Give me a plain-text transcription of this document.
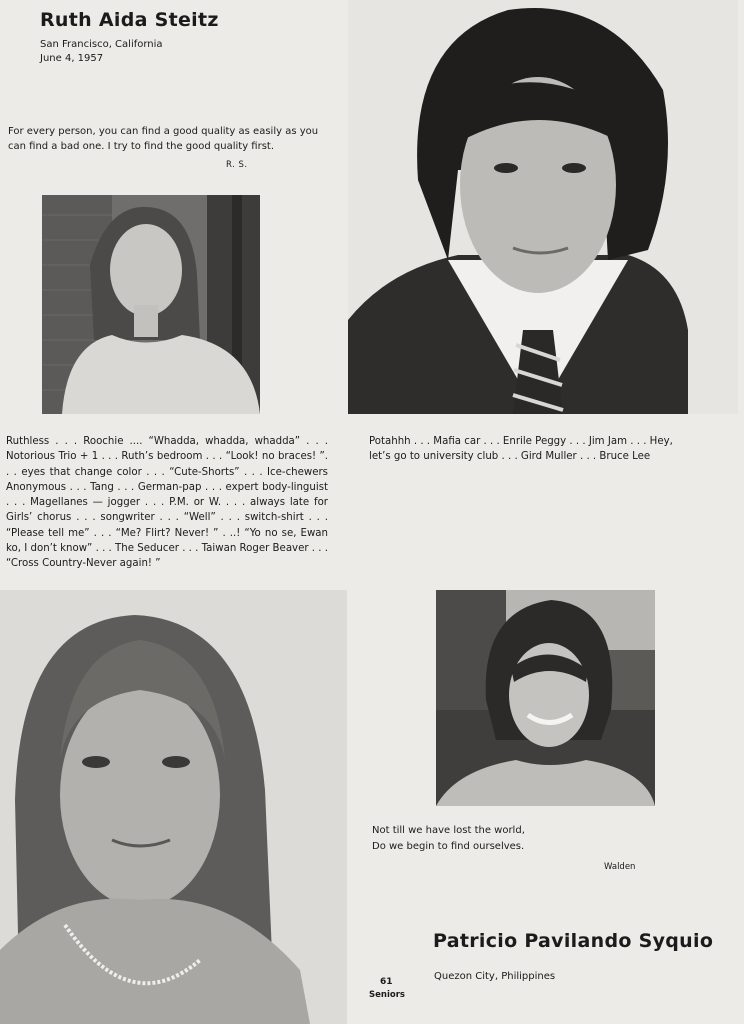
Ruth Aida Steitz
San Francisco, California
June 4, 1957
For every person, you can find a good quality as easily as you can find a bad one. I try to find the good quality first.
R. S.
Ruthless . . . Roochie .... “Whadda, whadda, whadda” . . . Notorious Trio + 1 . . . Ruth’s bedroom . . . “Look! no braces! ”. . . eyes that change color . . . “Cute-Shorts” . . . Ice-chewers Anonymous . . . Tang . . . German-pap . . . expert body-linguist . . . Magellanes — jogger . . . P.M. or W. . . . always late for Girls’ chorus . . . songwriter . . . “Well” . . . switch-shirt . . . “Please tell me” . . . “Me? Flirt? Never! ” . ..! “Yo no se, Ewan ko, I don’t know” . . . The Seducer . . . Taiwan Roger Beaver . . . “Cross Country-Never again! ”
Potahhh . . . Mafia car . . . Enrile Peggy . . . Jim Jam . . . Hey, let’s go to university club . . . Gird Muller . . . Bruce Lee
Not till we have lost the world,
Do we begin to find ourselves.
Walden
Patricio Pavilando Syquio
Quezon City, Philippines
61
Seniors
